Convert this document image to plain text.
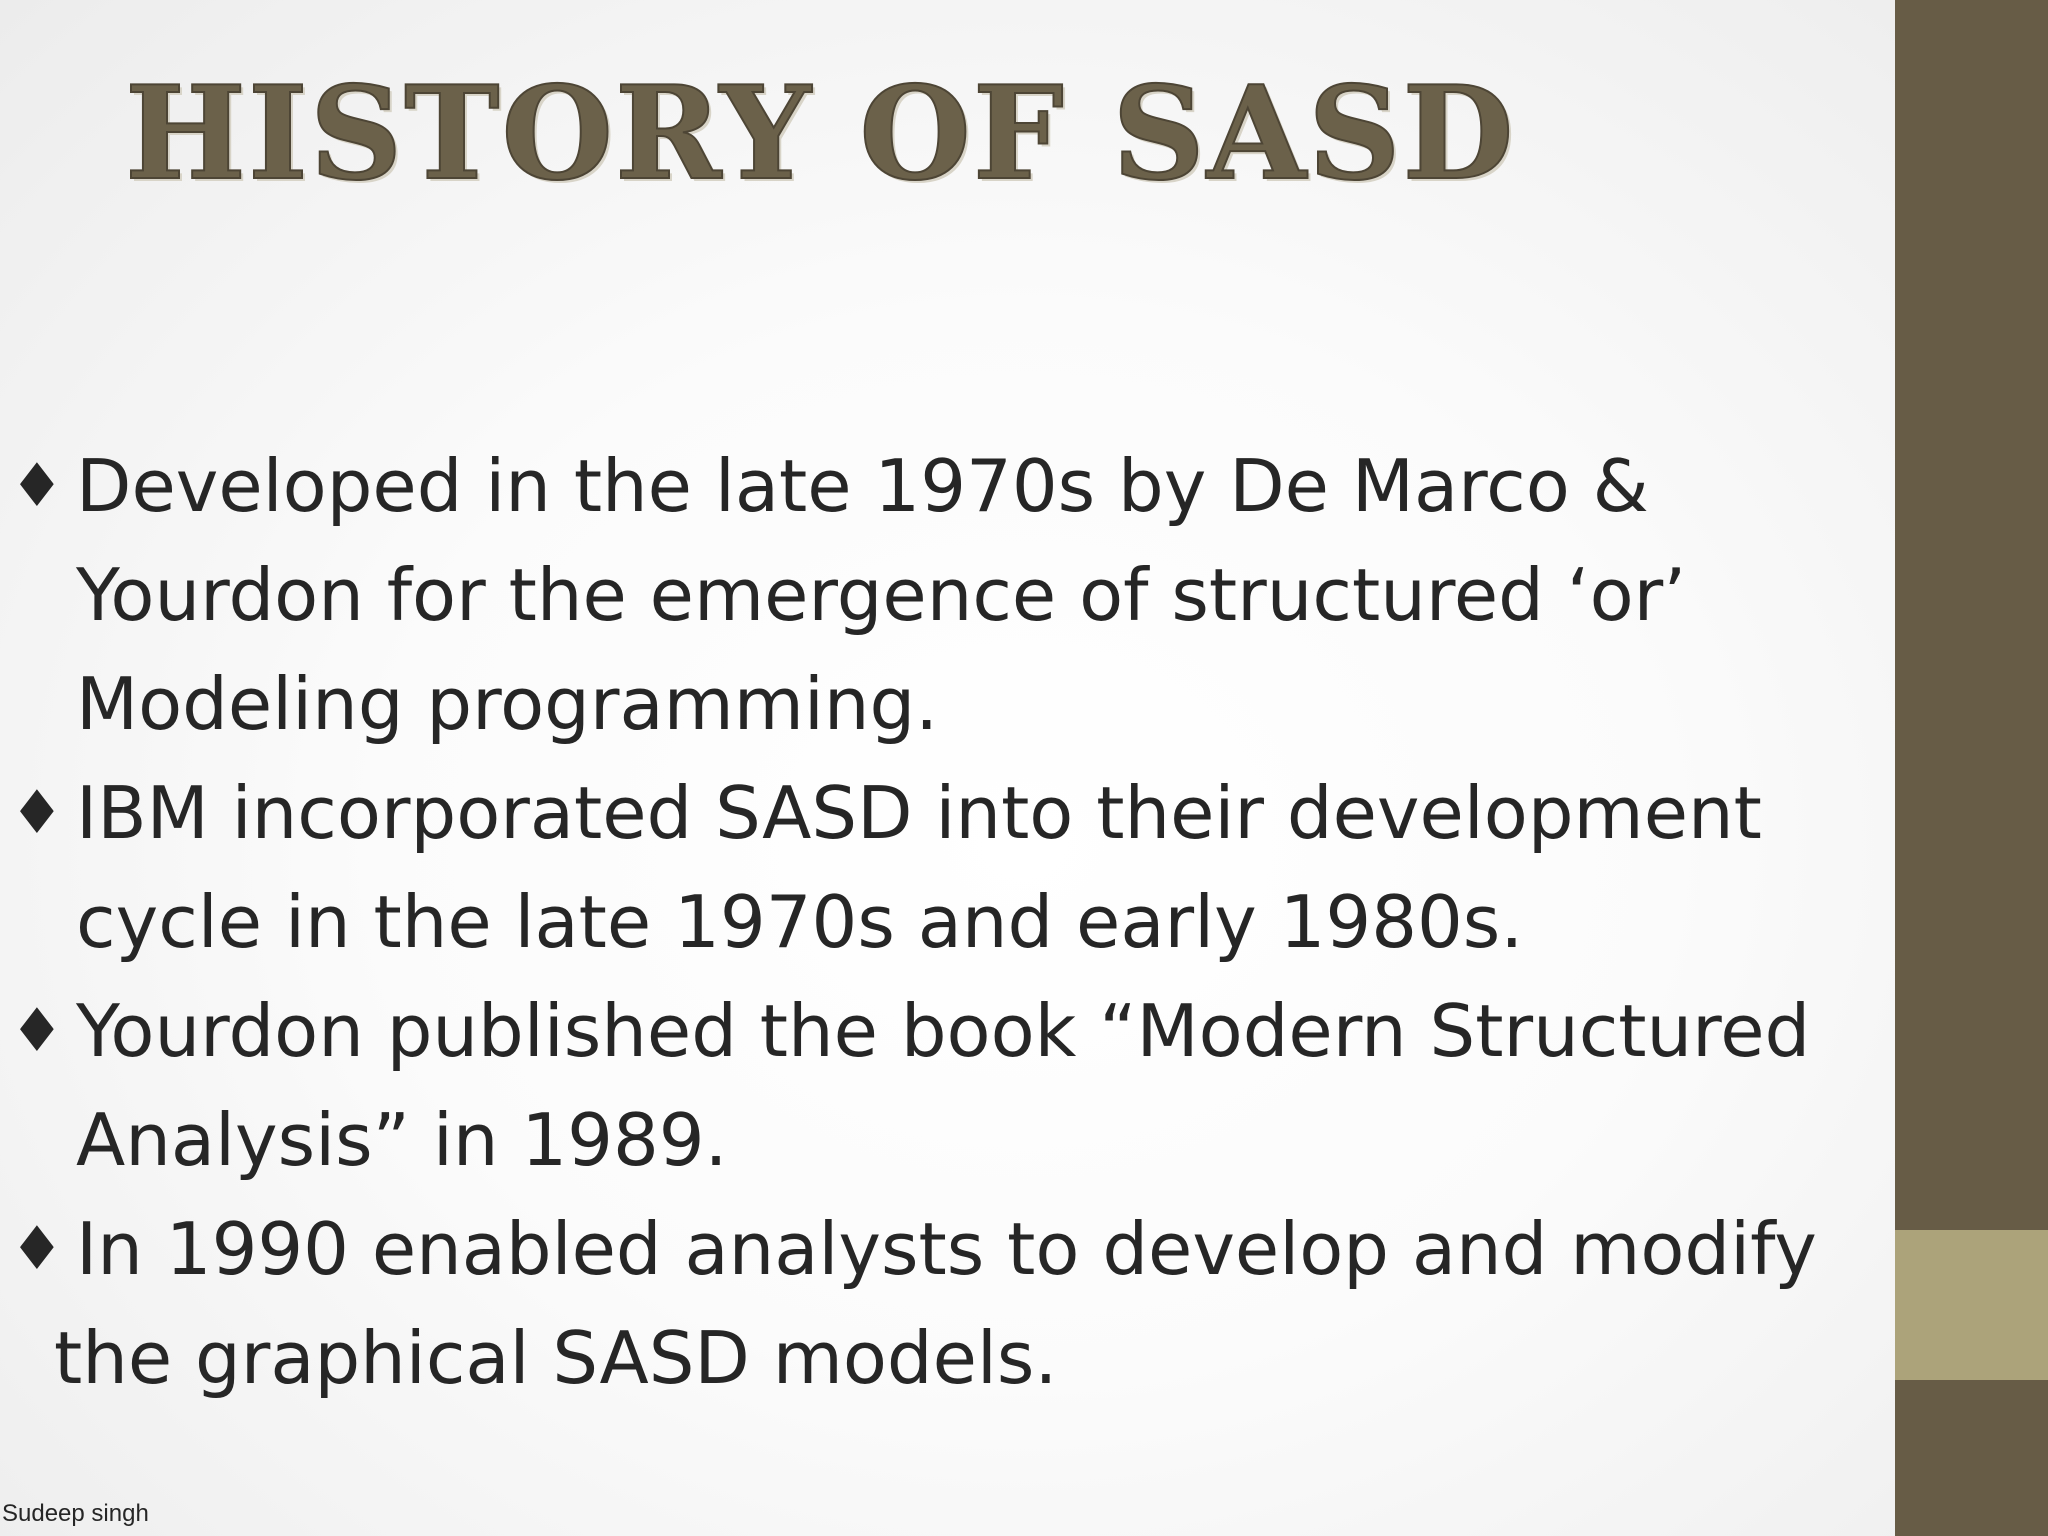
HISTORY OF SASD
♦ Developed in the late 1970s by De Marco &
Yourdon for the emergence of structured ‘or’
Modeling programming.
♦ IBM incorporated SASD into their development
cycle in the late 1970s and early 1980s.
♦ Yourdon published the book “Modern Structured
Analysis” in 1989.
♦ In 1990 enabled analysts to develop and modify
the graphical SASD models.
Sudeep singh
